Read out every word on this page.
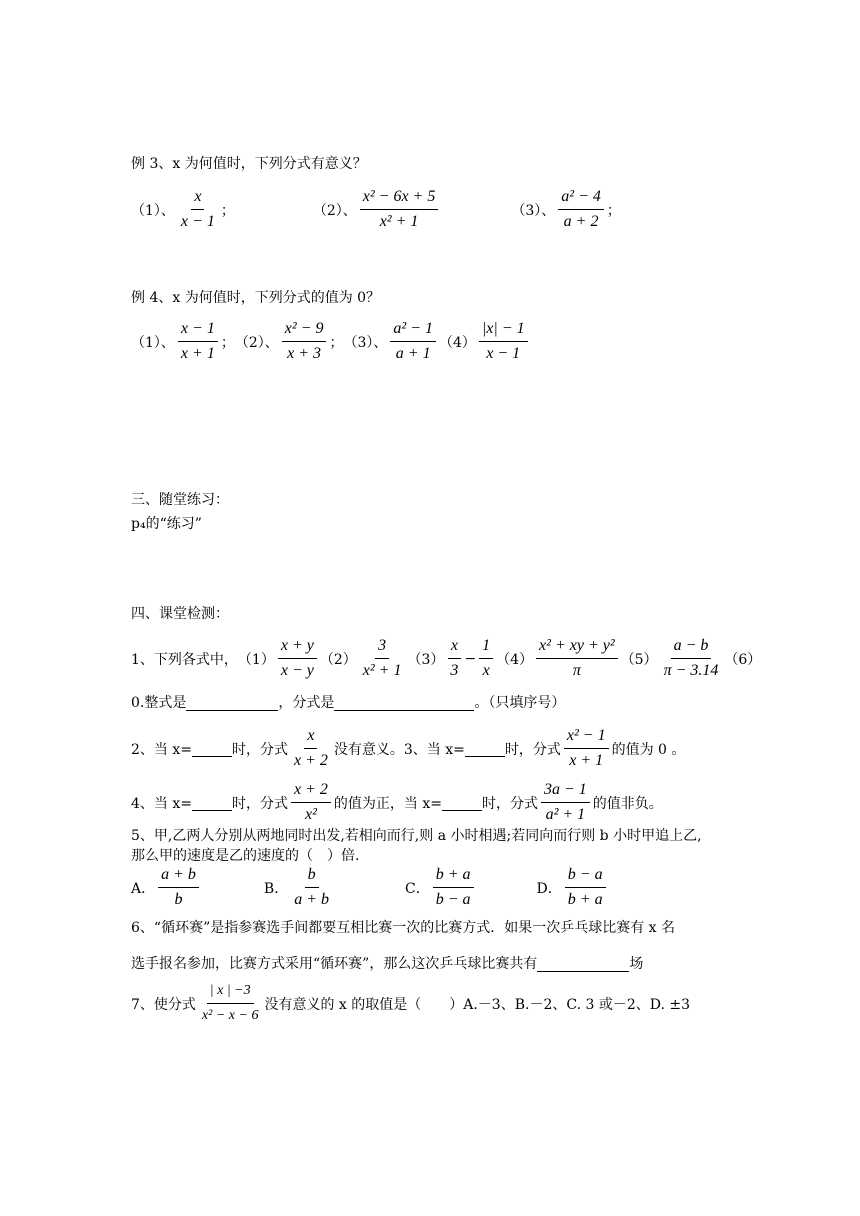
例 3、x 为何值时，下列分式有意义？
（1）、 $\frac{x}{x - 1}$ ；	（2）、 $\frac{\text{x² − 6x + 5}}{\text{x² + 1}}$	（3）、 $\frac{\text{a² − 4}}{a + 2}$ ；
例 4、x 为何值时，下列分式的值为 0？
（1）、 $\frac{x - 1}{x + 1}$ ； （2）、 $\frac{\text{x² − 9}}{x + 3}$ ； （3）、 $\frac{\text{a² − 1}}{a + 1} (4) \frac{|x| - 1}{x - 1}$
三、随堂练习：
p₄的“练习”
四、课堂检测：
1、下列各式中， $(1) \frac{x + y}{x - y} (2) \frac{3}{\text{x² + 1}} (3) \frac{x}{3} - \frac{1}{x} (4) \frac{\text{x² + xy + y²}}{\pi} (5) \frac{a - b}{\pi - 3.14} (6)$
0.整式是	，分式是	。（只填序号）
2、当 x=	时，分式 $\frac{x}{x + 2}$ 没有意义。3、当 x=	时，分式 $\frac{\text{x² − 1}}{x + 1}$ 的值为 0 。
4、当 x=	时，分式 $\frac{x + 2}{\text{x²}}$ 的值为正，当 x=	时，分式 $\frac{3a - 1}{\text{a² + 1}}$ 的值非负。
5、甲,乙两人分别从两地同时出发,若相向而行,则 a 小时相遇;若同向而行则 b 小时甲追上乙,
那么甲的速度是乙的速度的（　）倍.
A． $\frac{a + b}{b}$	B． $\frac{b}{a + b}$	C． $\frac{b + a}{b - a}$	D． $\frac{b - a}{b + a}$
6、“循环赛”是指参赛选手间都要互相比赛一次的比赛方式．如果一次乒乓球比赛有 x 名
选手报名参加，比赛方式采用“循环赛”，那么这次乒乓球比赛共有	场
7、使分式 $\frac{| x | -3}{\text{x² − x − 6}}$ 没有意义的 x 的取值是（　　）A.－3、B.－2、C. 3 或－2、D. ±3
